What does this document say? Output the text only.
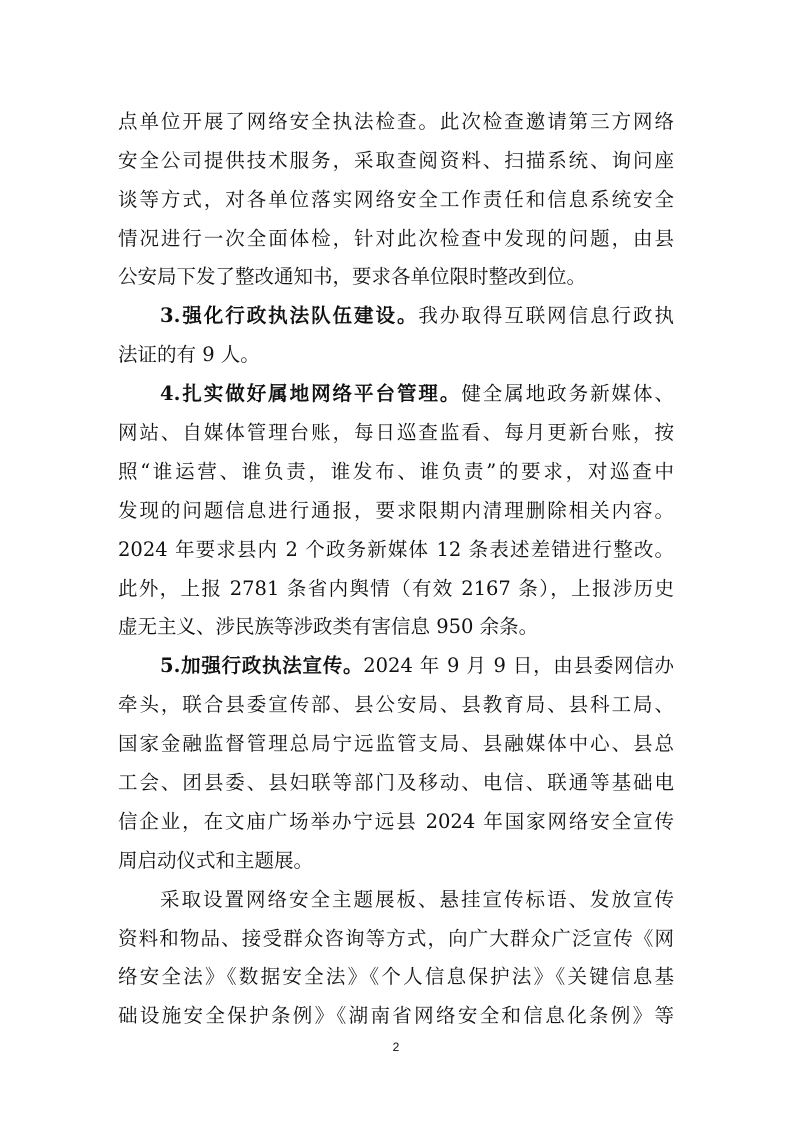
点单位开展了网络安全执法检查。此次检查邀请第三方网络
安全公司提供技术服务，采取查阅资料、扫描系统、询问座
谈等方式，对各单位落实网络安全工作责任和信息系统安全
情况进行一次全面体检，针对此次检查中发现的问题，由县
公安局下发了整改通知书，要求各单位限时整改到位。
3.强化行政执法队伍建设。我办取得互联网信息行政执
法证的有 9 人。
4.扎实做好属地网络平台管理。健全属地政务新媒体、
网站、自媒体管理台账，每日巡查监看、每月更新台账，按
照“谁运营、谁负责，谁发布、谁负责”的要求，对巡查中
发现的问题信息进行通报，要求限期内清理删除相关内容。
2024 年要求县内 2 个政务新媒体 12 条表述差错进行整改。
此外，上报 2781 条省内舆情（有效 2167 条），上报涉历史
虚无主义、涉民族等涉政类有害信息 950 余条。
5.加强行政执法宣传。2024 年 9 月 9 日，由县委网信办
牵头，联合县委宣传部、县公安局、县教育局、县科工局、
国家金融监督管理总局宁远监管支局、县融媒体中心、县总
工会、团县委、县妇联等部门及移动、电信、联通等基础电
信企业，在文庙广场举办宁远县 2024 年国家网络安全宣传
周启动仪式和主题展。
采取设置网络安全主题展板、悬挂宣传标语、发放宣传
资料和物品、接受群众咨询等方式，向广大群众广泛宣传《网
络安全法》《数据安全法》《个人信息保护法》《关键信息基
础设施安全保护条例》《湖南省网络安全和信息化条例》等
2
